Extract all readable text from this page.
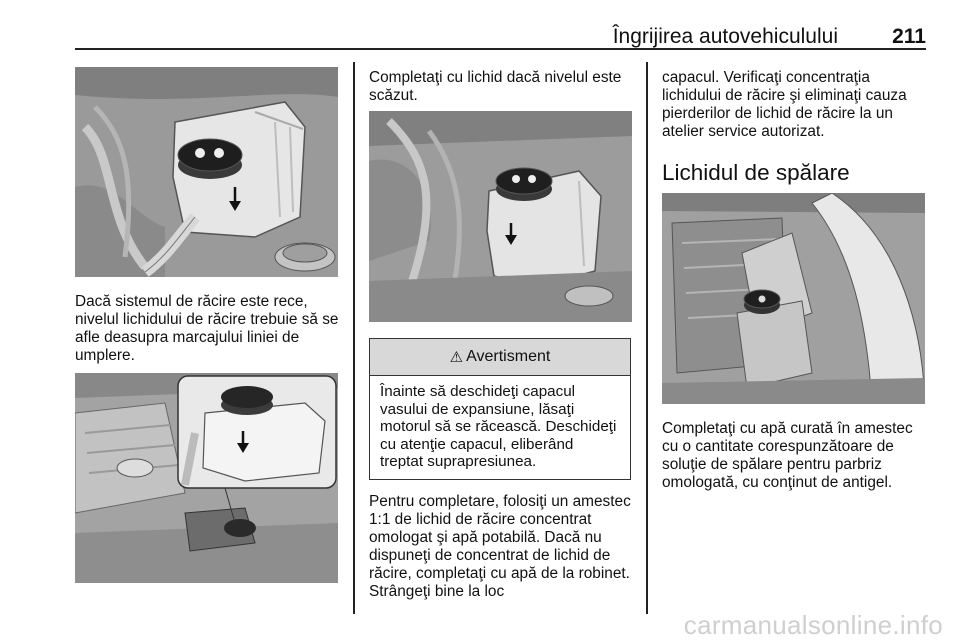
Îngrijirea autovehiculului	211
Dacă sistemul de răcire este rece, nivelul lichidului de răcire trebuie să se afle deasupra marcajului liniei de umplere.
Completaţi cu lichid dacă nivelul este scăzut.
⚠ Avertisment
Înainte să deschideţi capacul vasului de expansiune, lăsaţi motorul să se răcească. Deschideţi cu atenţie capacul, eliberând treptat suprapresiunea.
Pentru completare, folosiţi un amestec 1:1 de lichid de răcire concentrat omologat şi apă potabilă. Dacă nu dispuneţi de concentrat de lichid de răcire, completaţi cu apă de la robinet. Strângeţi bine la loc
capacul. Verificaţi concentraţia lichidului de răcire şi eliminaţi cauza pierderilor de lichid de răcire la un atelier service autorizat.
Lichidul de spălare
Completaţi cu apă curată în amestec cu o cantitate corespunzătoare de soluţie de spălare pentru parbriz omologată, cu conţinut de antigel.
carmanualsonline.info
